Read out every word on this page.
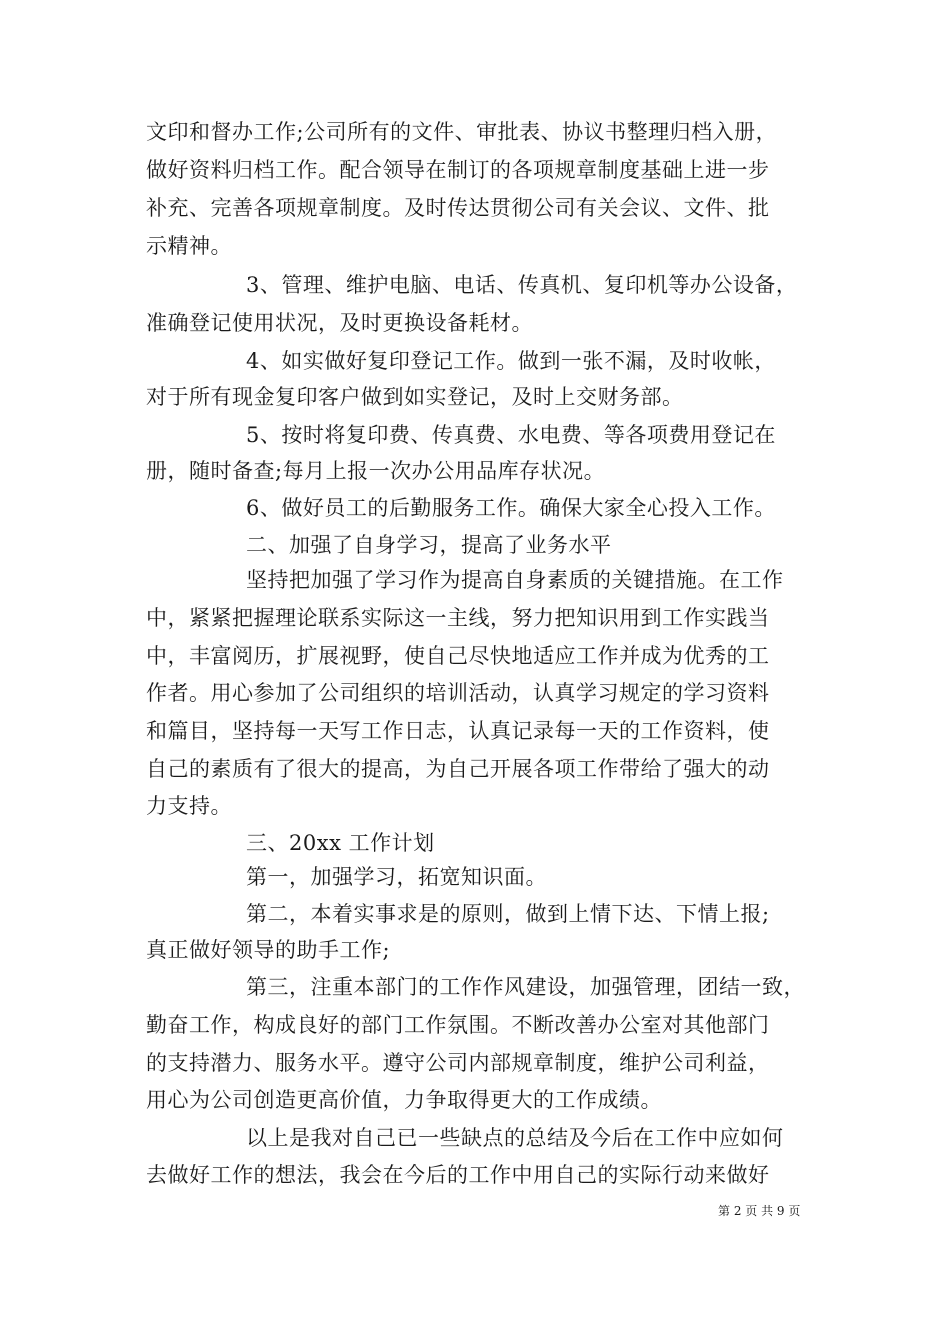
文印和督办工作;公司所有的文件、审批表、协议书整理归档入册，
做好资料归档工作。配合领导在制订的各项规章制度基础上进一步
补充、完善各项规章制度。及时传达贯彻公司有关会议、文件、批
示精神。
3、管理、维护电脑、电话、传真机、复印机等办公设备，
准确登记使用状况，及时更换设备耗材。
4、如实做好复印登记工作。做到一张不漏，及时收帐，
对于所有现金复印客户做到如实登记，及时上交财务部。
5、按时将复印费、传真费、水电费、等各项费用登记在
册，随时备查;每月上报一次办公用品库存状况。
6、做好员工的后勤服务工作。确保大家全心投入工作。
二、加强了自身学习，提高了业务水平
坚持把加强了学习作为提高自身素质的关键措施。在工作
中，紧紧把握理论联系实际这一主线，努力把知识用到工作实践当
中，丰富阅历，扩展视野，使自己尽快地适应工作并成为优秀的工
作者。用心参加了公司组织的培训活动，认真学习规定的学习资料
和篇目，坚持每一天写工作日志，认真记录每一天的工作资料，使
自己的素质有了很大的提高，为自己开展各项工作带给了强大的动
力支持。
三、20xx 工作计划
第一，加强学习，拓宽知识面。
第二，本着实事求是的原则，做到上情下达、下情上报;
真正做好领导的助手工作;
第三，注重本部门的工作作风建设，加强管理，团结一致，
勤奋工作，构成良好的部门工作氛围。不断改善办公室对其他部门
的支持潜力、服务水平。遵守公司内部规章制度，维护公司利益，
用心为公司创造更高价值，力争取得更大的工作成绩。
以上是我对自己已一些缺点的总结及今后在工作中应如何
去做好工作的想法，我会在今后的工作中用自己的实际行动来做好
第 2 页 共 9 页
